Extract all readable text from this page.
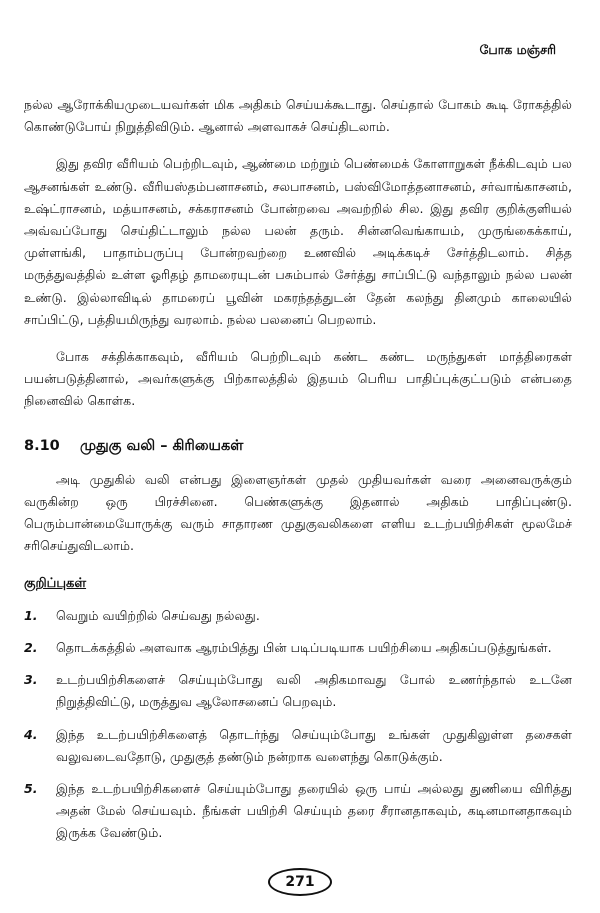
போக மஞ்சரி

நல்ல ஆரோக்கியமுடையவர்கள் மிக அதிகம் செய்யக்கூடாது. செய்தால் போகம் கூடி ரோகத்தில் கொண்டுபோய் நிறுத்திவிடும். ஆனால் அளவாகச் செய்திடலாம்.

இது தவிர வீரியம் பெற்றிடவும், ஆண்மை மற்றும் பெண்மைக் கோளாறுகள் நீக்கிடவும் பல ஆசனங்கள் உண்டு. வீரியஸ்தம்பனாசனம், சலபாசனம், பஸ்விமோத்தனாசனம், சர்வாங்காசனம், உஷ்ட்ராசனம், மத்யாசனம், சக்கராசனம் போன்றவை அவற்றில் சில. இது தவிர குறிக்குளியல் அவ்வப்போது செய்திட்டாலும் நல்ல பலன் தரும். சின்னவெங்காயம், முருங்கைக்காய், முள்ளங்கி, பாதாம்பருப்பு போன்றவற்றை உணவில் அடிக்கடிச் சேர்த்திடலாம். சித்த மருத்துவத்தில் உள்ள ஓரிதழ் தாமரையுடன் பசும்பால் சேர்த்து சாப்பிட்டு வந்தாலும் நல்ல பலன் உண்டு. இல்லாவிடில் தாமரைப் பூவின் மகரந்தத்துடன் தேன் கலந்து தினமும் காலையில் சாப்பிட்டு, பத்தியமிருந்து வரலாம். நல்ல பலனைப் பெறலாம்.

போக சக்திக்காகவும், வீரியம் பெற்றிடவும் கண்ட கண்ட மருந்துகள் மாத்திரைகள் பயன்படுத்தினால், அவர்களுக்கு பிற்காலத்தில் இதயம் பெரிய பாதிப்புக்குட்படும் என்பதை நினைவில் கொள்க.

8.10 முதுகு வலி – கிரியைகள்

அடி முதுகில் வலி என்பது இளைஞர்கள் முதல் முதியவர்கள் வரை அனைவருக்கும் வருகின்ற ஒரு பிரச்சினை. பெண்களுக்கு இதனால் அதிகம் பாதிப்புண்டு. பெரும்பான்மையோருக்கு வரும் சாதாரண முதுகுவலிகளை எளிய உடற்பயிற்சிகள் மூலமேச் சரிசெய்துவிடலாம்.

குறிப்புகள்
1. வெறும் வயிற்றில் செய்வது நல்லது.
2. தொடக்கத்தில் அளவாக ஆரம்பித்து பின் படிப்படியாக பயிற்சியை அதிகப்படுத்துங்கள்.
3. உடற்பயிற்சிகளைச் செய்யும்போது வலி அதிகமாவது போல் உணர்ந்தால் உடனே நிறுத்திவிட்டு, மருத்துவ ஆலோசனைப் பெறவும்.
4. இந்த உடற்பயிற்சிகளைத் தொடர்ந்து செய்யும்போது உங்கள் முதுகிலுள்ள தசைகள் வலுவடைவதோடு, முதுகுத் தண்டும் நன்றாக வளைந்து கொடுக்கும்.
5. இந்த உடற்பயிற்சிகளைச் செய்யும்போது தரையில் ஒரு பாய் அல்லது துணியை விரித்து அதன் மேல் செய்யவும். நீங்கள் பயிற்சி செய்யும் தரை சீரானதாகவும், கடினமானதாகவும் இருக்க வேண்டும்.
271
